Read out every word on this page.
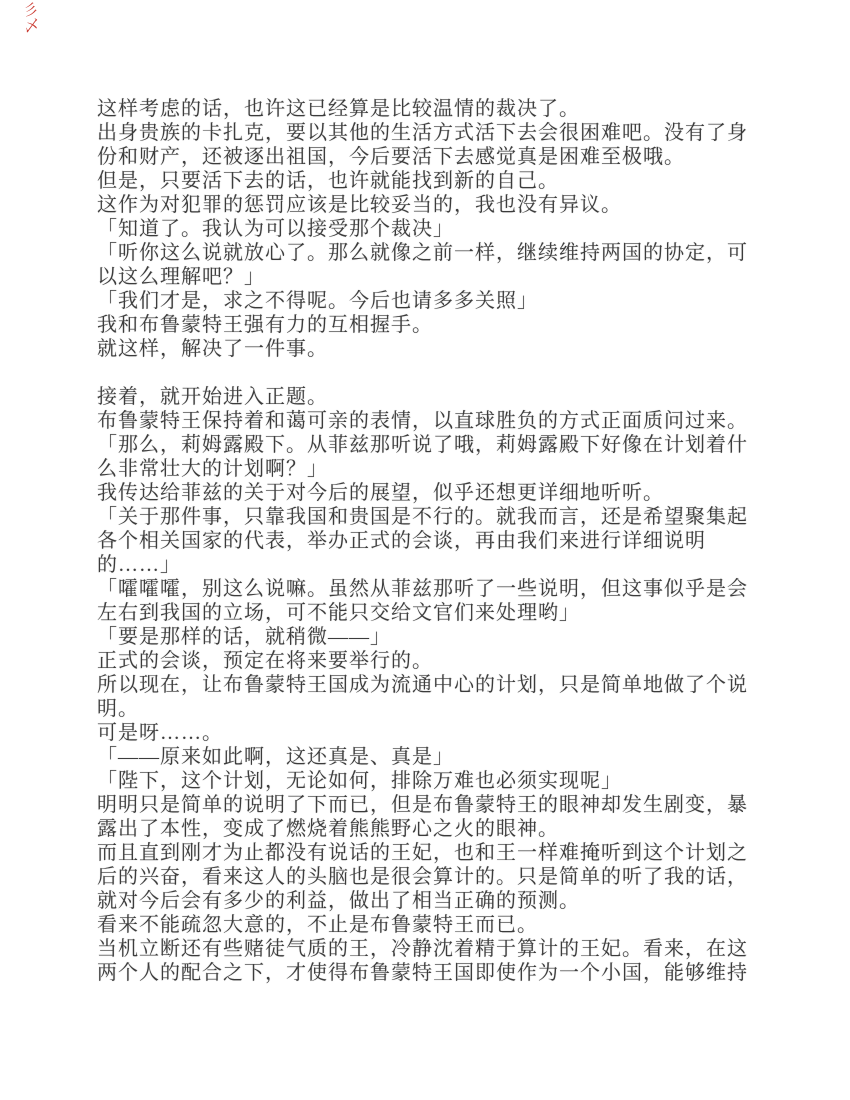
彡
乄
这样考虑的话，也许这已经算是比较温情的裁决了。
出身贵族的卡扎克，要以其他的生活方式活下去会很困难吧。没有了身
份和财产，还被逐出祖国，今后要活下去感觉真是困难至极哦。
但是，只要活下去的话，也许就能找到新的自己。
这作为对犯罪的惩罚应该是比较妥当的，我也没有异议。
「知道了。我认为可以接受那个裁决」
「听你这么说就放心了。那么就像之前一样，继续维持两国的协定，可
以这么理解吧？」
「我们才是，求之不得呢。今后也请多多关照」
我和布鲁蒙特王强有力的互相握手。
就这样，解决了一件事。

接着，就开始进入正题。
布鲁蒙特王保持着和蔼可亲的表情，以直球胜负的方式正面质问过来。
「那么，莉姆露殿下。从菲兹那听说了哦，莉姆露殿下好像在计划着什
么非常壮大的计划啊？」
我传达给菲兹的关于对今后的展望，似乎还想更详细地听听。
「关于那件事，只靠我国和贵国是不行的。就我而言，还是希望聚集起
各个相关国家的代表，举办正式的会谈，再由我们来进行详细说明
的……」
「嚯嚯嚯，别这么说嘛。虽然从菲兹那听了一些说明，但这事似乎是会
左右到我国的立场，可不能只交给文官们来处理哟」
「要是那样的话，就稍微——」
正式的会谈，预定在将来要举行的。
所以现在，让布鲁蒙特王国成为流通中心的计划，只是简单地做了个说
明。
可是呀……。
「——原来如此啊，这还真是、真是」
「陛下，这个计划，无论如何，排除万难也必须实现呢」
明明只是简单的说明了下而已，但是布鲁蒙特王的眼神却发生剧变，暴
露出了本性，变成了燃烧着熊熊野心之火的眼神。
而且直到刚才为止都没有说话的王妃，也和王一样难掩听到这个计划之
后的兴奋，看来这人的头脑也是很会算计的。只是简单的听了我的话，
就对今后会有多少的利益，做出了相当正确的预测。
看来不能疏忽大意的，不止是布鲁蒙特王而已。
当机立断还有些赌徒气质的王，冷静沈着精于算计的王妃。看来，在这
两个人的配合之下，才使得布鲁蒙特王国即使作为一个小国，能够维持
